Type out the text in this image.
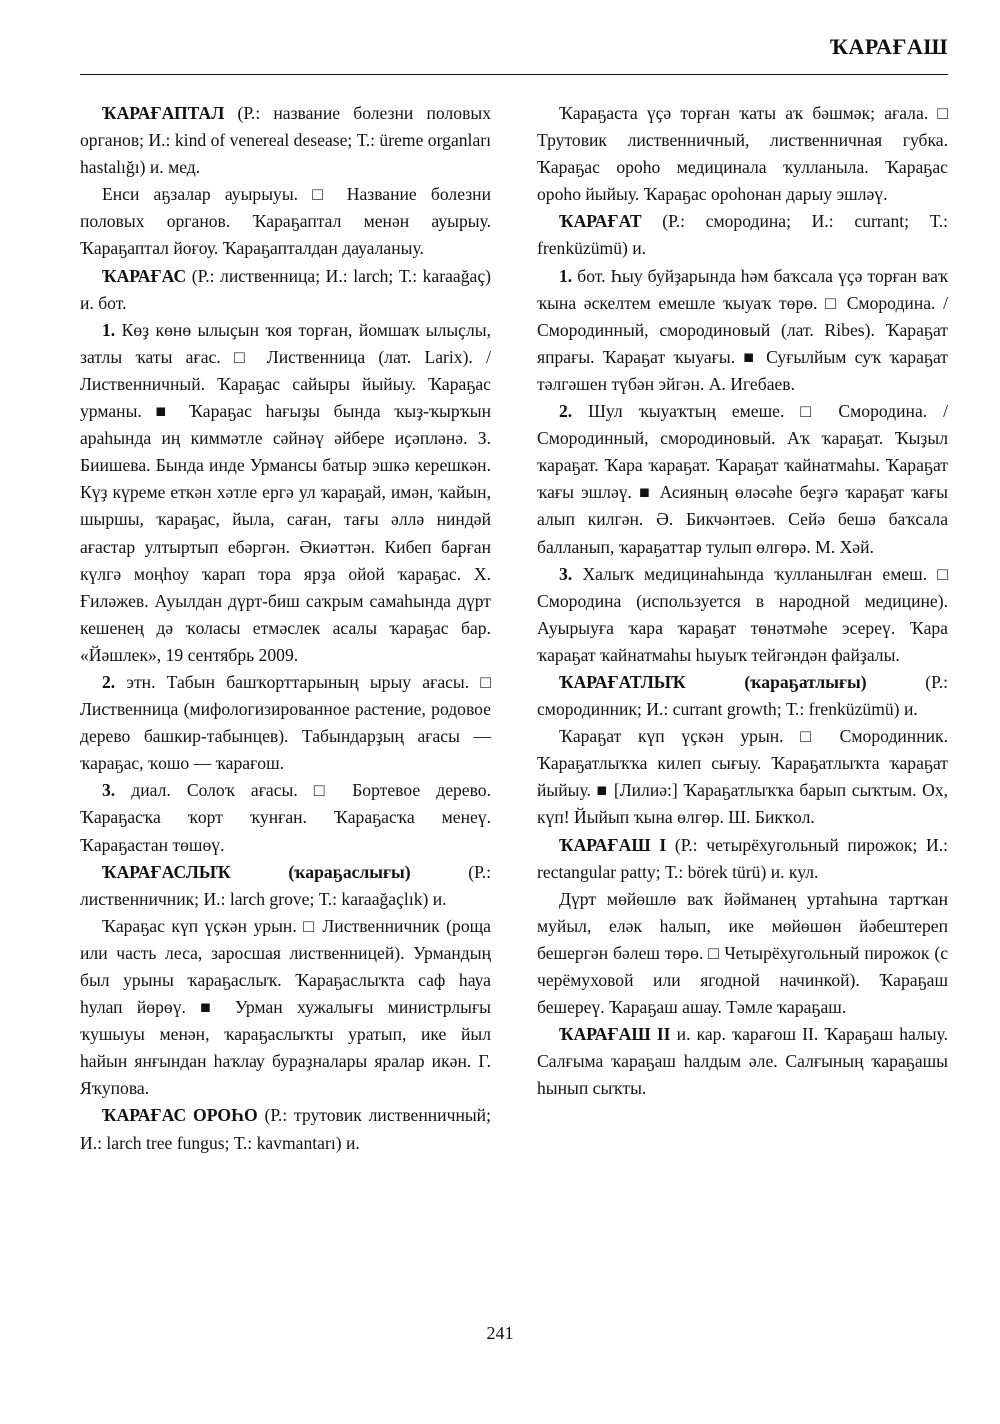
ҠАРАҒАШ

ҠАРАҒАПТАЛ (Р.: название болезни половых органов; И.: kind of venereal desease; Т.: üreme organları hastalığı) и. мед.

Енси аҕзалар ауырыуы. □ Название болезни половых органов. Ҡараҕаптал менән ауырыу. Ҡараҕаптал йоғоу. Ҡараҕапталдан дауаланыу.

ҠАРАҒАС (Р.: лиственница; И.: larch; Т.: karaağaç) и. бот.

1. Көҙ көнө ылыҫын ҡоя торған, йомшаҡ ылыҫлы, затлы ҡаты ағас. □ Лиственница (лат. Larix). / Лиственничный. Ҡараҕас сайыры йыйыу. Ҡараҕас урманы. ■ Ҡараҕас һағыҙы бында ҡыҙ-ҡырҡын араһында иң киммәтле сәйнәү әйбере иҫәпләнә. З. Биишева. Бында инде Урмансы батыр эшкә керешкән. Күҙ күреме еткән хәтле ергә ул ҡараҕай, имән, ҡайын, шыршы, ҡараҕас, йыла, саған, тағы әллә ниндәй ағастар ултыртып ебәргән. Әкиәттән. Кибеп барған күлгә моңһоу ҡарап тора ярҙа ойой ҡараҕас. Х. Ғиләжев. Ауылдан дүрт-биш саҡрым самаһында дүрт кешенең дә ҡоласы етмәслек асалы ҡараҕас бар. «Йәшлек», 19 сентябрь 2009.

2. этн. Табын башҡорттарының ырыу ағасы. □ Лиственница (мифологизированное растение, родовое дерево башкир-табынцев). Табындарҙың ағасы — ҡараҕас, ҡошо — ҡарағош.

3. диал. Солоҡ ағасы. □ Бортевое дерево. Ҡараҕасҡа ҡорт ҡунған. Ҡараҕасҡа менеү. Ҡараҕастан төшөү.

ҠАРАҒАСЛЫҠ (ҡараҕаслығы) (Р.: лиственничник; И.: larch grove; Т.: karaağaçlık) и.

Ҡараҕас күп үҫкән урын. □ Лиственничник (роща или часть леса, заросшая лиственницей). Урмандың был урыны ҡараҕаслыҡ. Ҡараҕаслыҡта саф һауа һулап йөрөү. ■ Урман хужалығы министрлығы ҡушыуы менән, ҡараҕаслыҡты уратып, ике йыл һайын янғындан һаҡлау бураҙналары яралар икән. Г. Яҡупова.

ҠАРАҒАС ОРОҺО (Р.: трутовик лиственничный; И.: larch tree fungus; Т.: kavmantarı) и.

Ҡараҕаста үҫә торған ҡаты аҡ бәшмәк; ағала. □ Трутовик лиственничный, лиственничная губка. Ҡараҕас ороһо медицинала ҡулланыла. Ҡараҕас ороһо йыйыу. Ҡараҕас ороһонан дарыу эшләү.

ҠАРАҒАТ (Р.: смородина; И.: currant; Т.: frenküzümü) и.

1. бот. Һыу буйҙарында һәм баҡсала үҫә торған ваҡ ҡына әскелтем емешле ҡыуаҡ төрө. □ Смородина. / Смородинный, смородиновый (лат. Ribes). Ҡараҕат япрағы. Ҡараҕат ҡыуағы. ■ Суғылйым суҡ ҡараҕат тәлгәшен түбән эйгән. А. Игебаев.

2. Шул ҡыуаҡтың емеше. □ Смородина. / Смородинный, смородиновый. Аҡ ҡараҕат. Ҡыҙыл ҡараҕат. Ҡара ҡараҕат. Ҡараҕат ҡайнатмаһы. Ҡараҕат ҡағы эшләү. ■ Асияның өләсәһе беҙгә ҡараҕат ҡағы алып килгән. Ә. Бикчәнтәев. Сейә бешә баҡсала балланып, ҡараҕаттар тулып өлгөрә. М. Хәй.

3. Халыҡ медицинаһында ҡулланылған емеш. □ Смородина (используется в народной медицине). Ауырыуға ҡара ҡараҕат төнәтмәһе эсереү. Ҡара ҡараҕат ҡайнатмаһы һыуыҡ тейгәндән файҙалы.

ҠАРАҒАТЛЫҠ (ҡараҕатлығы) (Р.: смородинник; И.: currant growth; Т.: frenküzümü) и.

Ҡараҕат күп үҫкән урын. □ Смородинник. Ҡараҕатлыҡҡа килеп сығыу. Ҡараҕатлыҡта ҡараҕат йыйыу. ■ [Лилиә:] Ҡараҕатлыҡҡа барып сыҡтым. Ох, күп! Йыйып ҡына өлгөр. Ш. Бикҡол.

ҠАРАҒАШ I (Р.: четырёхугольный пирожок; И.: rectangular patty; Т.: börek türü) и. кул.

Дүрт мөйөшлө ваҡ йәйманең уртаһына тартҡан муйыл, еләк һалып, ике мөйөшөн йәбештереп бешергән бәлеш төрө. □ Четырёхугольный пирожок (с черёмуховой или ягодной начинкой). Ҡараҕаш бешереү. Ҡараҕаш ашау. Тәмле ҡараҕаш.

ҠАРАҒАШ II и. кар. ҡарағош II. Ҡараҕаш һалыу. Салғыма ҡараҕаш һалдым әле. Салғының ҡараҕашы һынып сыҡты.

241
